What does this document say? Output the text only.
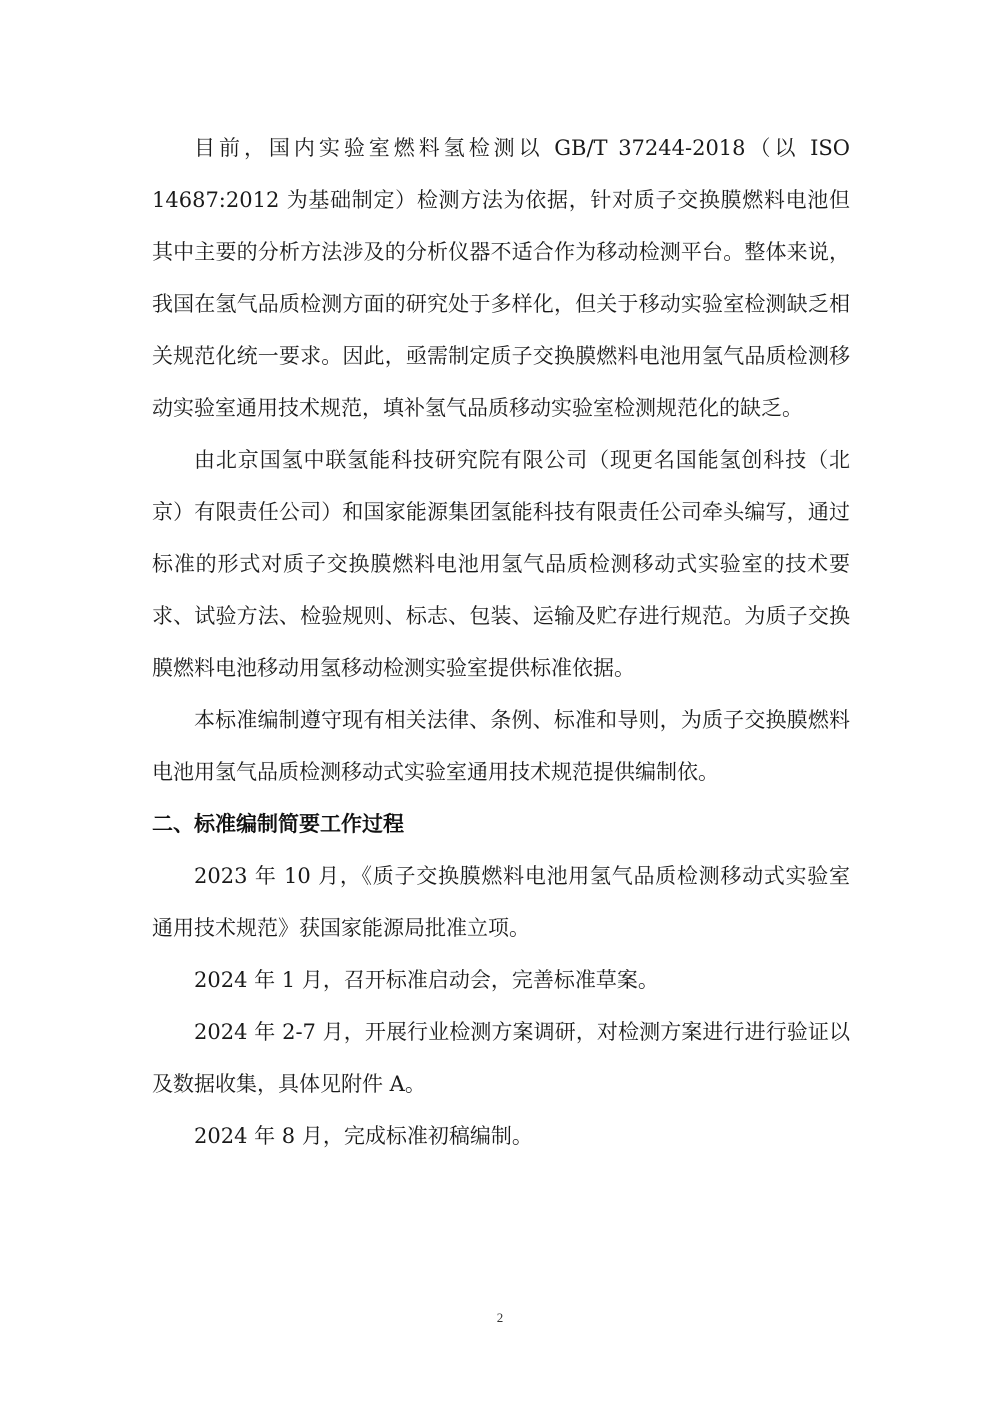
目前，国内实验室燃料氢检测以 GB/T 37244-2018（以 ISO 14687:2012 为基础制定）检测方法为依据，针对质子交换膜燃料电池但其中主要的分析方法涉及的分析仪器不适合作为移动检测平台。整体来说，我国在氢气品质检测方面的研究处于多样化，但关于移动实验室检测缺乏相关规范化统一要求。因此，亟需制定质子交换膜燃料电池用氢气品质检测移动实验室通用技术规范，填补氢气品质移动实验室检测规范化的缺乏。

由北京国氢中联氢能科技研究院有限公司（现更名国能氢创科技（北京）有限责任公司）和国家能源集团氢能科技有限责任公司牵头编写，通过标准的形式对质子交换膜燃料电池用氢气品质检测移动式实验室的技术要求、试验方法、检验规则、标志、包装、运输及贮存进行规范。为质子交换膜燃料电池移动用氢移动检测实验室提供标准依据。

本标准编制遵守现有相关法律、条例、标准和导则，为质子交换膜燃料电池用氢气品质检测移动式实验室通用技术规范提供编制依。

二、标准编制简要工作过程

2023 年 10 月，《质子交换膜燃料电池用氢气品质检测移动式实验室通用技术规范》获国家能源局批准立项。

2024 年 1 月，召开标准启动会，完善标准草案。

2024 年 2-7 月，开展行业检测方案调研，对检测方案进行进行验证以及数据收集，具体见附件 A。

2024 年 8 月，完成标准初稿编制。

2
